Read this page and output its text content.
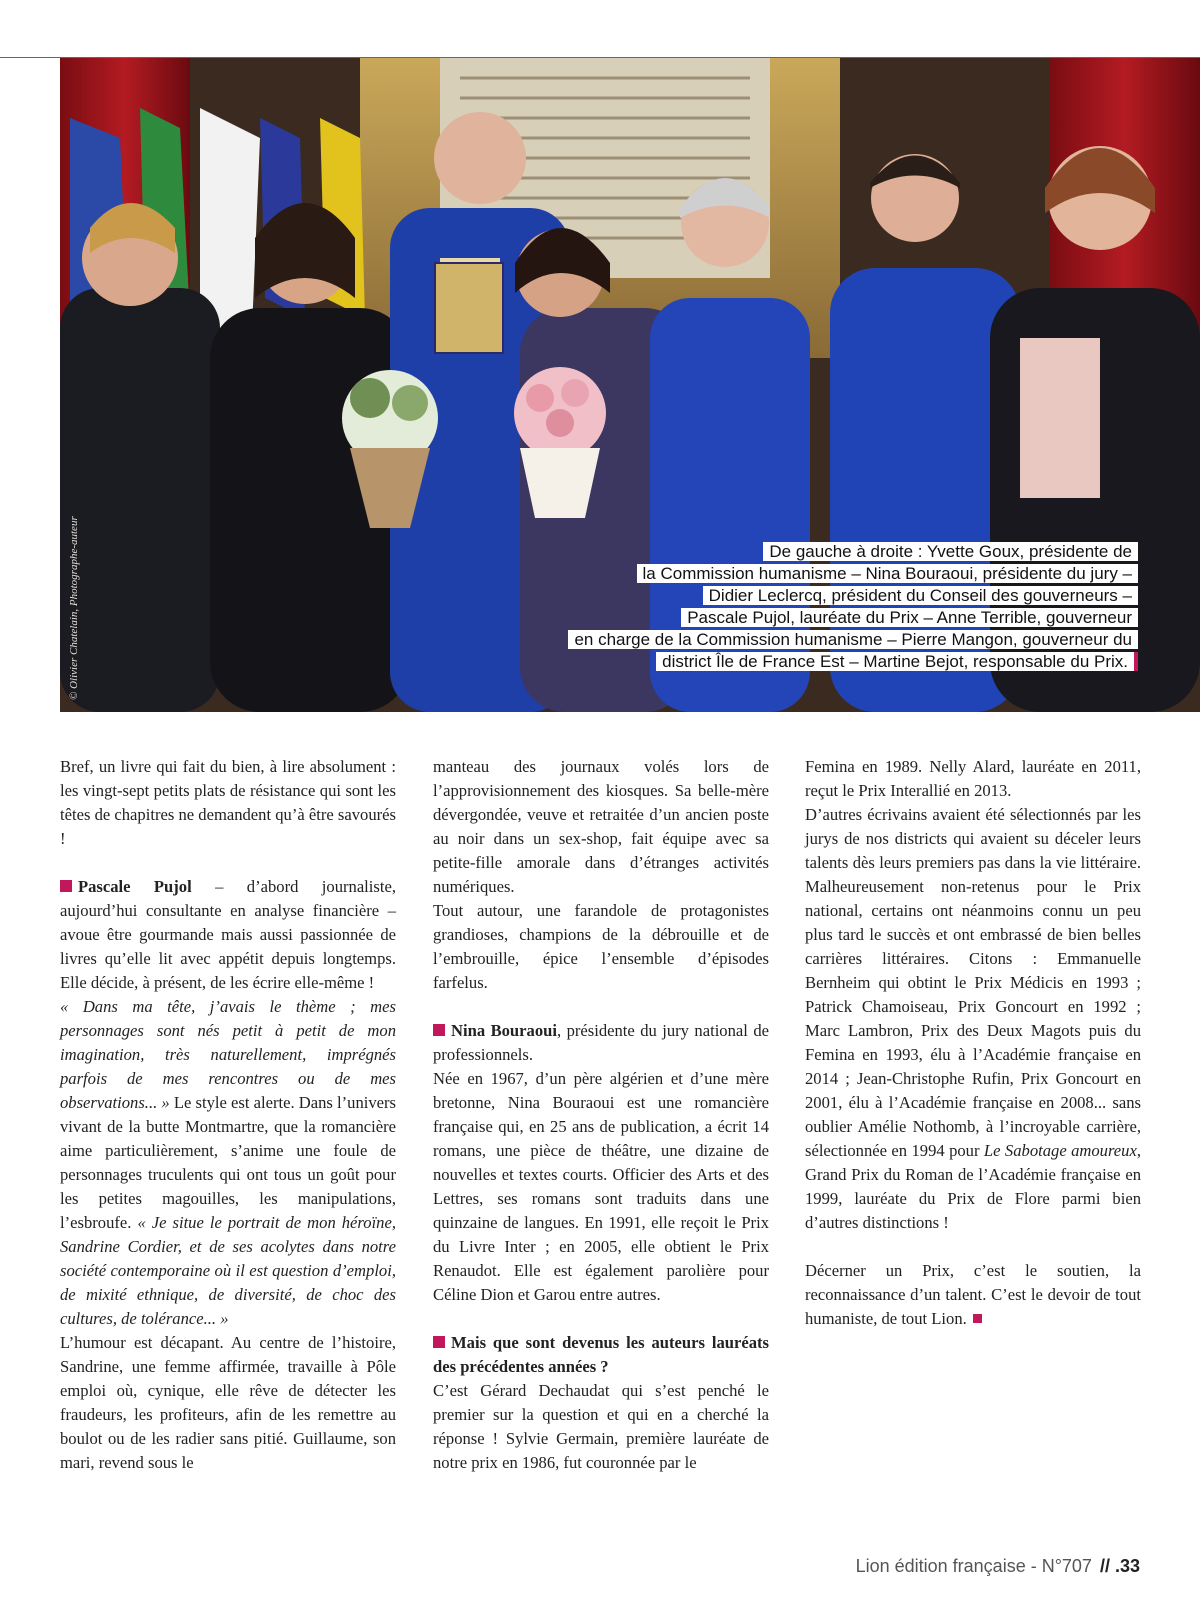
© Olivier Chatelain, Photographe-auteur	De gauche à droite : Yvette Goux, présidente de
la Commission humanisme – Nina Bouraoui, présidente du jury –
Didier Leclercq, président du Conseil des gouverneurs –
Pascale Pujol, lauréate du Prix – Anne Terrible, gouverneur
en charge de la Commission humanisme – Pierre Mangon, gouverneur du
district Île de France Est – Martine Bejot, responsable du Prix.

Bref, un livre qui fait du bien, à lire absolument : les vingt-sept petits plats de résistance qui sont les têtes de chapitres ne demandent qu’à être savourés !

Pascale Pujol – d’abord journaliste, aujourd’hui consultante en analyse financière – avoue être gourmande mais aussi passionnée de livres qu’elle lit avec appétit depuis longtemps. Elle décide, à présent, de les écrire elle-même !

« Dans ma tête, j’avais le thème ; mes personnages sont nés petit à petit de mon imagination, très naturellement, imprégnés parfois de mes rencontres ou de mes observations... » Le style est alerte. Dans l’univers vivant de la butte Montmartre, que la romancière aime particulièrement, s’anime une foule de personnages truculents qui ont tous un goût pour les petites magouilles, les manipulations, l’esbroufe. « Je situe le portrait de mon héroïne, Sandrine Cordier, et de ses acolytes dans notre société contemporaine où il est question d’emploi, de mixité ethnique, de diversité, de choc des cultures, de tolérance... »

L’humour est décapant. Au centre de l’histoire, Sandrine, une femme affirmée, travaille à Pôle emploi où, cynique, elle rêve de détecter les fraudeurs, les profiteurs, afin de les remettre au boulot ou de les radier sans pitié. Guillaume, son mari, revend sous le

manteau des journaux volés lors de l’approvisionnement des kiosques. Sa belle-mère dévergondée, veuve et retraitée d’un ancien poste au noir dans un sex-shop, fait équipe avec sa petite-fille amorale dans d’étranges activités numériques.

Tout autour, une farandole de protagonistes grandioses, champions de la débrouille et de l’embrouille, épice l’ensemble d’épisodes farfelus.

Nina Bouraoui, présidente du jury national de professionnels.

Née en 1967, d’un père algérien et d’une mère bretonne, Nina Bouraoui est une romancière française qui, en 25 ans de publication, a écrit 14 romans, une pièce de théâtre, une dizaine de nouvelles et textes courts. Officier des Arts et des Lettres, ses romans sont traduits dans une quinzaine de langues. En 1991, elle reçoit le Prix du Livre Inter ; en 2005, elle obtient le Prix Renaudot. Elle est également parolière pour Céline Dion et Garou entre autres.

Mais que sont devenus les auteurs lauréats des précédentes années ?

C’est Gérard Dechaudat qui s’est penché le premier sur la question et qui en a cherché la réponse ! Sylvie Germain, première lauréate de notre prix en 1986, fut couronnée par le

Femina en 1989. Nelly Alard, lauréate en 2011, reçut le Prix Interallié en 2013.

D’autres écrivains avaient été sélectionnés par les jurys de nos districts qui avaient su déceler leurs talents dès leurs premiers pas dans la vie littéraire. Malheureusement non-retenus pour le Prix national, certains ont néanmoins connu un peu plus tard le succès et ont embrassé de bien belles carrières littéraires. Citons : Emmanuelle Bernheim qui obtint le Prix Médicis en 1993 ; Patrick Chamoiseau, Prix Goncourt en 1992 ; Marc Lambron, Prix des Deux Magots puis du Femina en 1993, élu à l’Académie française en 2014 ; Jean-Christophe Rufin, Prix Goncourt en 2001, élu à l’Académie française en 2008... sans oublier Amélie Nothomb, à l’incroyable carrière, sélectionnée en 1994 pour Le Sabotage amoureux, Grand Prix du Roman de l’Académie française en 1999, lauréate du Prix de Flore parmi bien d’autres distinctions !

Décerner un Prix, c’est le soutien, la reconnaissance d’un talent. C’est le devoir de tout humaniste, de tout Lion.

Lion édition française - N°707 // .33
